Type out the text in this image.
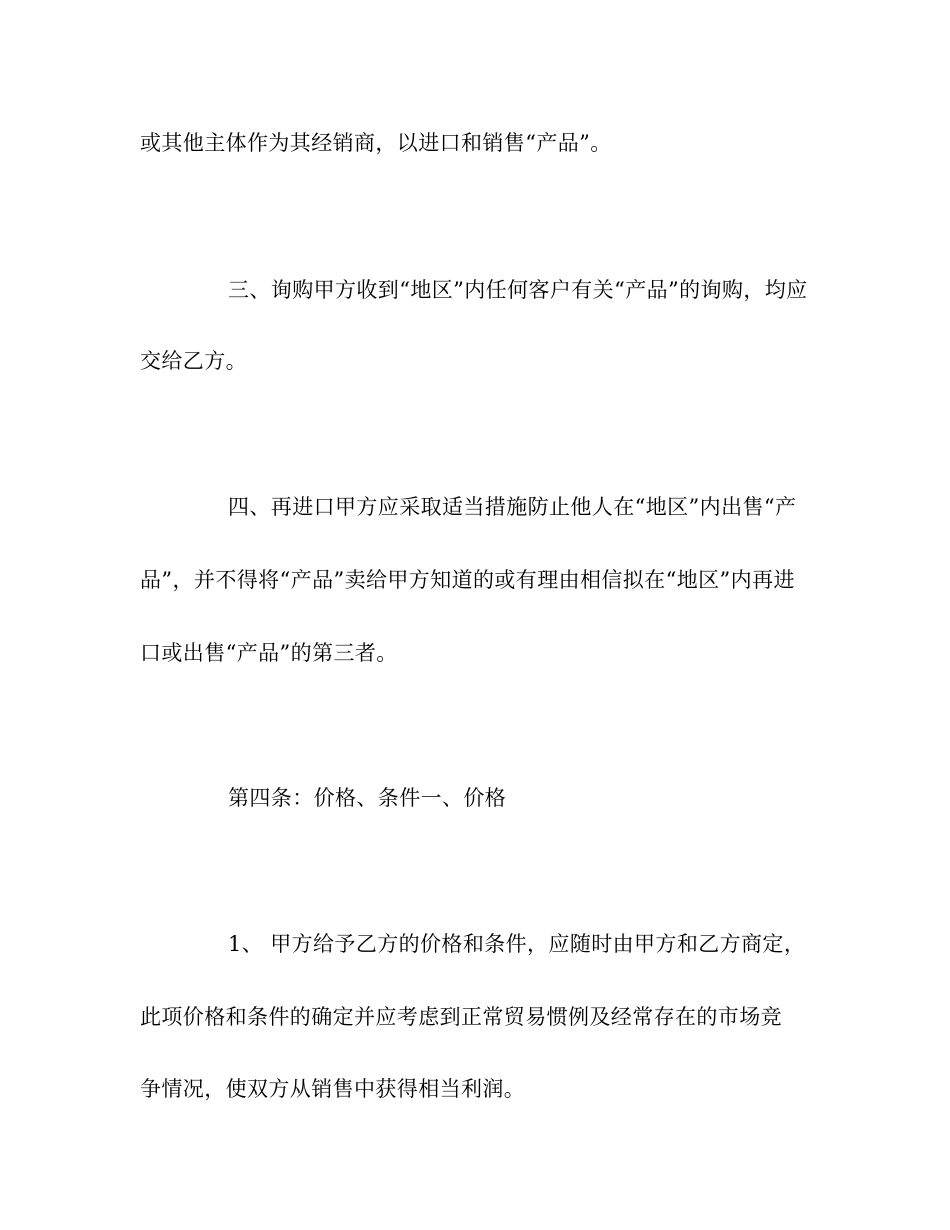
或其他主体作为其经销商，以进口和销售“产品”。
三、询购甲方收到“地区”内任何客户有关“产品”的询购，均应
交给乙方。
四、再进口甲方应采取适当措施防止他人在“地区”内出售“产
品”，并不得将“产品”卖给甲方知道的或有理由相信拟在“地区”内再进
口或出售“产品”的第三者。
第四条：价格、条件一、价格
1、 甲方给予乙方的价格和条件，应随时由甲方和乙方商定，
此项价格和条件的确定并应考虑到正常贸易惯例及经常存在的市场竞
争情况，使双方从销售中获得相当利润。
